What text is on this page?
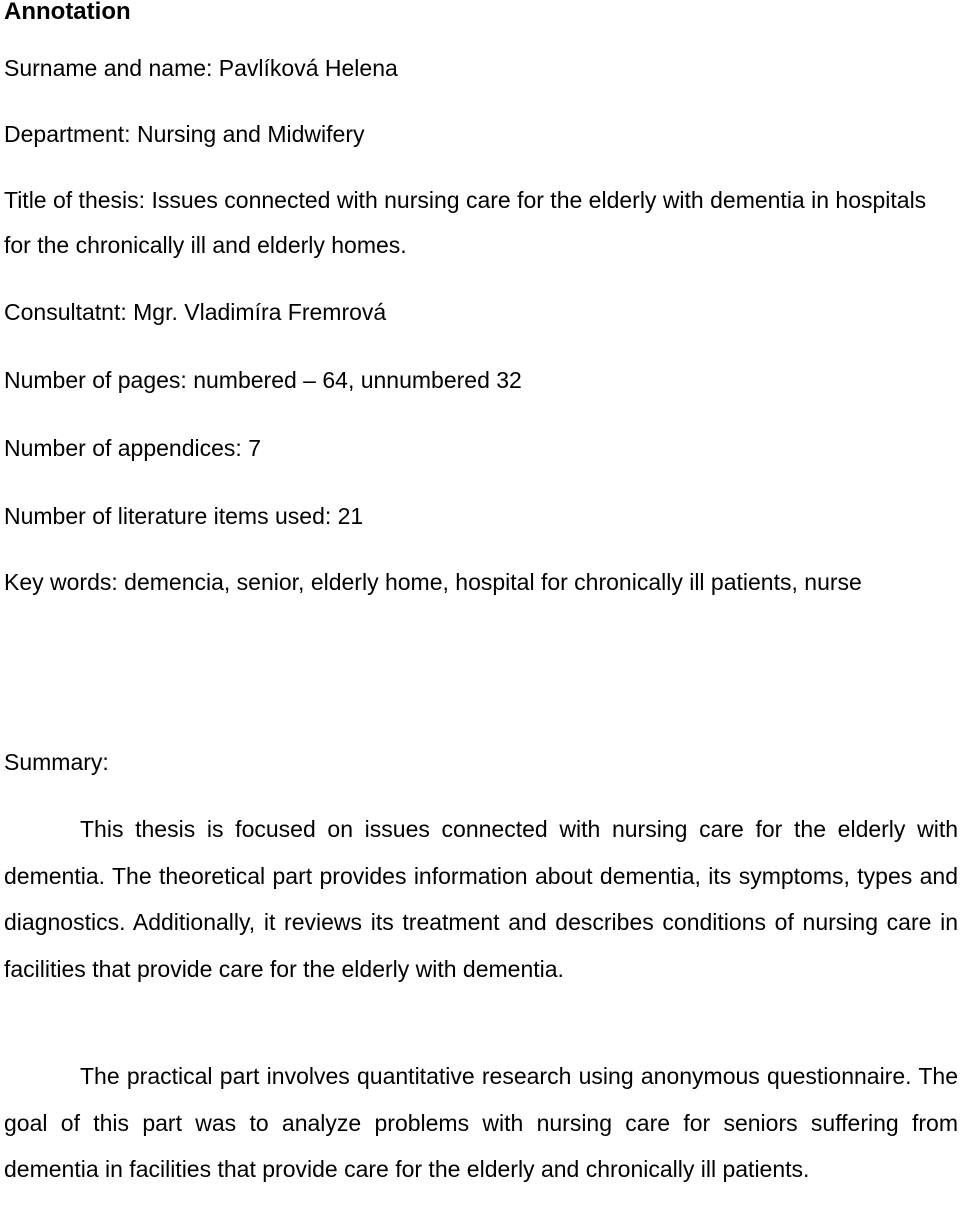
Annotation
Surname and name: Pavlíková Helena
Department: Nursing and Midwifery
Title of thesis: Issues connected with nursing care for the elderly with dementia in hospitals for the chronically ill and elderly homes.
Consultatnt: Mgr. Vladimíra Fremrová
Number of pages: numbered – 64, unnumbered 32
Number of appendices: 7
Number of literature items used: 21
Key words: demencia, senior, elderly home, hospital for chronically ill patients, nurse
Summary:
This thesis is focused on issues connected with nursing care for the elderly with dementia. The theoretical part provides information about dementia, its symptoms, types and diagnostics. Additionally, it reviews its treatment and describes conditions of nursing care in facilities that provide care for the elderly with dementia.
The practical part involves quantitative research using anonymous questionnaire. The goal of this part was to analyze problems with nursing care for seniors suffering from dementia in facilities that provide care for the elderly and chronically ill patients.
